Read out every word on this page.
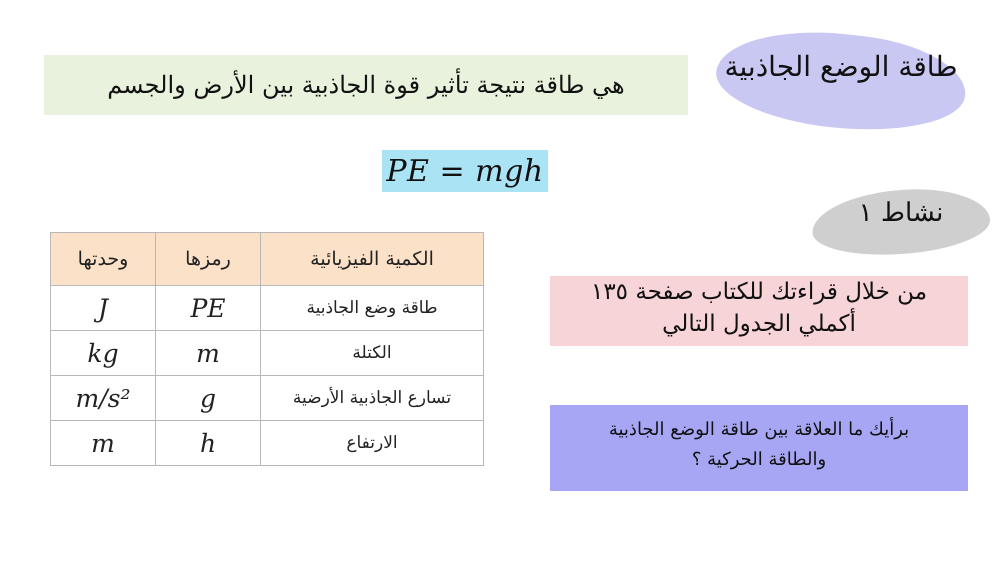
طاقة الوضع الجاذبية
هي طاقة نتيجة تأثير قوة الجاذبية بين الأرض والجسم
PE = mgh
نشاط ١
من خلال قراءتك للكتاب صفحة ١٣٥
أكملي الجدول التالي
برأيك ما العلاقة بين طاقة الوضع الجاذبية
والطاقة الحركية ؟
الكمية الفيزيائية	رمزها	وحدتها
طاقة وضع الجاذبية	PE	J
الكتلة	m	kg
تسارع الجاذبية الأرضية	g	m/s²
الارتفاع	h	m
